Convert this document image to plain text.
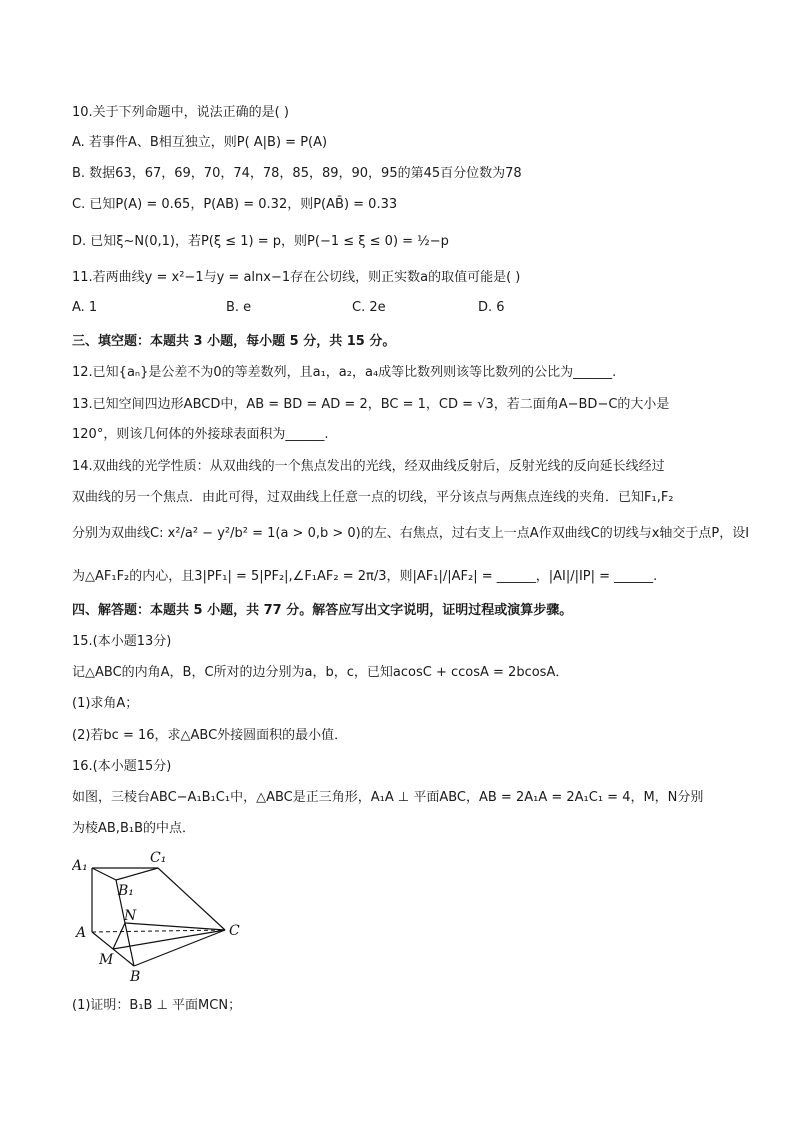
10.关于下列命题中，说法正确的是( )
A. 若事件A、B相互独立，则P( A|B) = P(A)
B. 数据63，67，69，70，74，78，85，89，90，95的第45百分位数为78
C. 已知P(A) = 0.65，P(AB) = 0.32，则P(AB̄) = 0.33
D. 已知ξ~N(0,1)，若P(ξ ≤ 1) = p，则P(−1 ≤ ξ ≤ 0) = ½−p
11.若两曲线y = x²−1与y = alnx−1存在公切线，则正实数a的取值可能是( )
A. 1	B. e	C. 2e	D. 6
三、填空题：本题共 3 小题，每小题 5 分，共 15 分。
12.已知{aₙ}是公差不为0的等差数列，且a₁，a₂，a₄成等比数列则该等比数列的公比为______.
13.已知空间四边形ABCD中，AB = BD = AD = 2，BC = 1，CD = √3，若二面角A−BD−C的大小是
120°，则该几何体的外接球表面积为______.
14.双曲线的光学性质：从双曲线的一个焦点发出的光线，经双曲线反射后，反射光线的反向延长线经过
双曲线的另一个焦点．由此可得，过双曲线上任意一点的切线，平分该点与两焦点连线的夹角．已知F₁,F₂
分别为双曲线C: x²/a² − y²/b² = 1(a > 0,b > 0)的左、右焦点，过右支上一点A作双曲线C的切线与x轴交于点P，设I
为△AF₁F₂的内心，且3|PF₁| = 5|PF₂|,∠F₁AF₂ = 2π/3，则|AF₁|/|AF₂| = ______，|AI|/|IP| = ______.
四、解答题：本题共 5 小题，共 77 分。解答应写出文字说明，证明过程或演算步骤。
15.(本小题13分)
记△ABC的内角A，B，C所对的边分别为a，b，c，已知acosC + ccosA = 2bcosA．
(1)求角A；
(2)若bc = 16，求△ABC外接圆面积的最小值．
16.(本小题15分)
如图，三棱台ABC−A₁B₁C₁中，△ABC是正三角形，A₁A ⊥ 平面ABC，AB = 2A₁A = 2A₁C₁ = 4，M，N分别
为棱AB,B₁B的中点．
A₁	C₁
B₁
N
A	C
M
B
(1)证明：B₁B ⊥ 平面MCN；
